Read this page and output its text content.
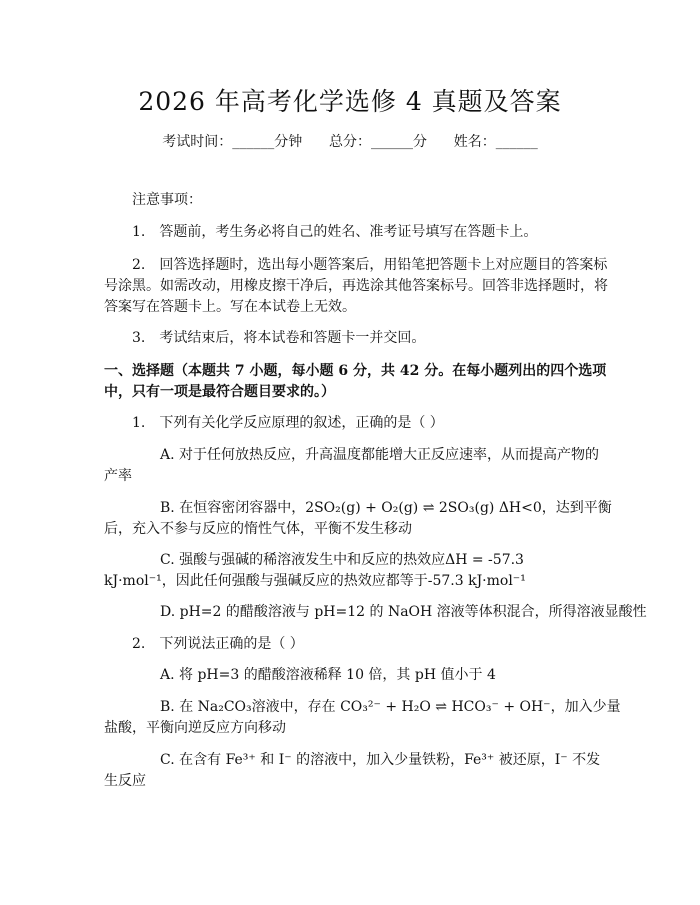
2026 年高考化学选修 4 真题及答案
考试时间：______分钟      总分：______分      姓名：______
注意事项：
1.　答题前，考生务必将自己的姓名、准考证号填写在答题卡上。
2.　回答选择题时，选出每小题答案后，用铅笔把答题卡上对应题目的答案标
号涂黑。如需改动，用橡皮擦干净后，再选涂其他答案标号。回答非选择题时，将
答案写在答题卡上。写在本试卷上无效。
3.　考试结束后，将本试卷和答题卡一并交回。
一、选择题（本题共 7 小题，每小题 6 分，共 42 分。在每小题列出的四个选项
中，只有一项是最符合题目要求的。）
1.　下列有关化学反应原理的叙述，正确的是（ ）
A. 对于任何放热反应，升高温度都能增大正反应速率，从而提高产物的
产率
B. 在恒容密闭容器中，2SO₂(g) + O₂(g) ⇌ 2SO₃(g) ΔH<0，达到平衡
后，充入不参与反应的惰性气体，平衡不发生移动
C. 强酸与强碱的稀溶液发生中和反应的热效应ΔH = -57.3
kJ·mol⁻¹，因此任何强酸与强碱反应的热效应都等于-57.3 kJ·mol⁻¹
D. pH=2 的醋酸溶液与 pH=12 的 NaOH 溶液等体积混合，所得溶液显酸性
2.　下列说法正确的是（ ）
A. 将 pH=3 的醋酸溶液稀释 10 倍，其 pH 值小于 4
B. 在 Na₂CO₃溶液中，存在 CO₃²⁻ + H₂O ⇌ HCO₃⁻ + OH⁻，加入少量
盐酸，平衡向逆反应方向移动
C. 在含有 Fe³⁺ 和 I⁻ 的溶液中，加入少量铁粉，Fe³⁺ 被还原，I⁻ 不发
生反应
